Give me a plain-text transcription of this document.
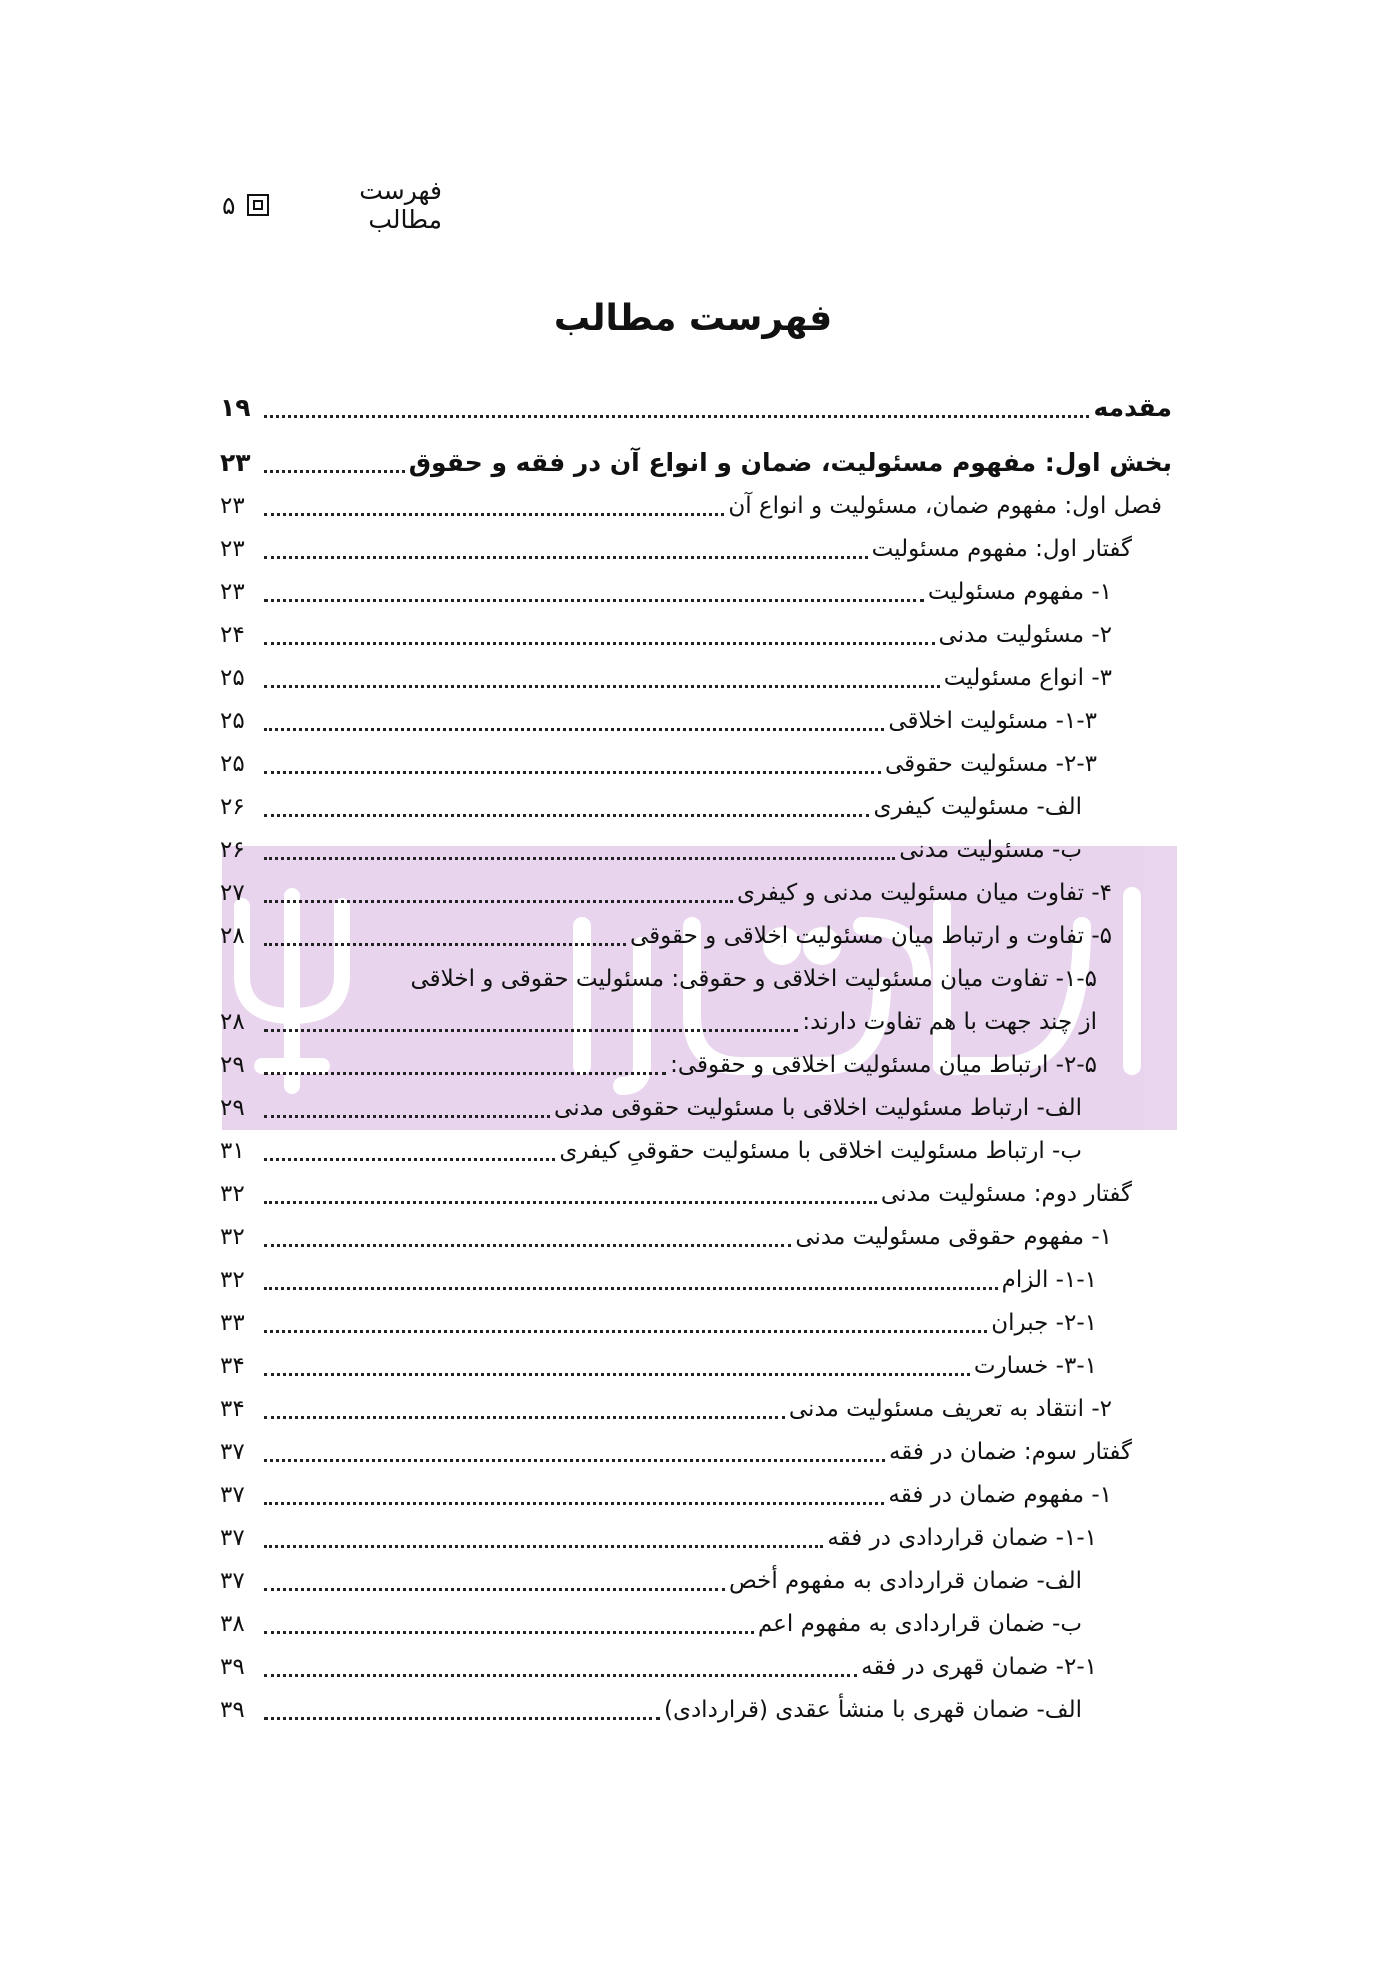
فهرست مطالب
۵
فهرست مطالب
مقدمه
۱۹
بخش اول: مفهوم مسئولیت، ضمان و انواع آن در فقه و حقوق
۲۳
فصل اول: مفهوم ضمان، مسئولیت و انواع آن
۲۳
گفتار اول: مفهوم مسئولیت
۲۳
۱- مفهوم مسئولیت
۲۳
۲- مسئولیت مدنی
۲۴
۳- انواع مسئولیت
۲۵
۱-۳- مسئولیت اخلاقی
۲۵
۲-۳- مسئولیت حقوقی
۲۵
الف- مسئولیت کیفری
۲۶
ب- مسئولیت مدنی
۲۶
۴- تفاوت میان مسئولیت مدنی و کیفری
۲۷
۵- تفاوت و ارتباط میان مسئولیت اخلاقی و حقوقی
۲۸
۱-۵- تفاوت میان مسئولیت اخلاقی و حقوقی: مسئولیت حقوقی و اخلاقی
از چند جهت با هم تفاوت دارند:
۲۸
۲-۵- ارتباط میان مسئولیت اخلاقی و حقوقی:
۲۹
الف- ارتباط مسئولیت اخلاقی با مسئولیت حقوقی مدنی
۲۹
ب- ارتباط مسئولیت اخلاقی با مسئولیت حقوقیِ کیفری
۳۱
گفتار دوم: مسئولیت مدنی
۳۲
۱- مفهوم حقوقی مسئولیت مدنی
۳۲
۱-۱- الزام
۳۲
۲-۱- جبران
۳۳
۳-۱- خسارت
۳۴
۲- انتقاد به تعریف مسئولیت مدنی
۳۴
گفتار سوم: ضمان در فقه
۳۷
۱- مفهوم ضمان در فقه
۳۷
۱-۱- ضمان قراردادی در فقه
۳۷
الف- ضمان قراردادی به مفهوم أخص
۳۷
ب- ضمان قراردادی به مفهوم اعم
۳۸
۲-۱- ضمان قهری در فقه
۳۹
الف- ضمان قهری با منشأ عقدی (قراردادی)
۳۹
